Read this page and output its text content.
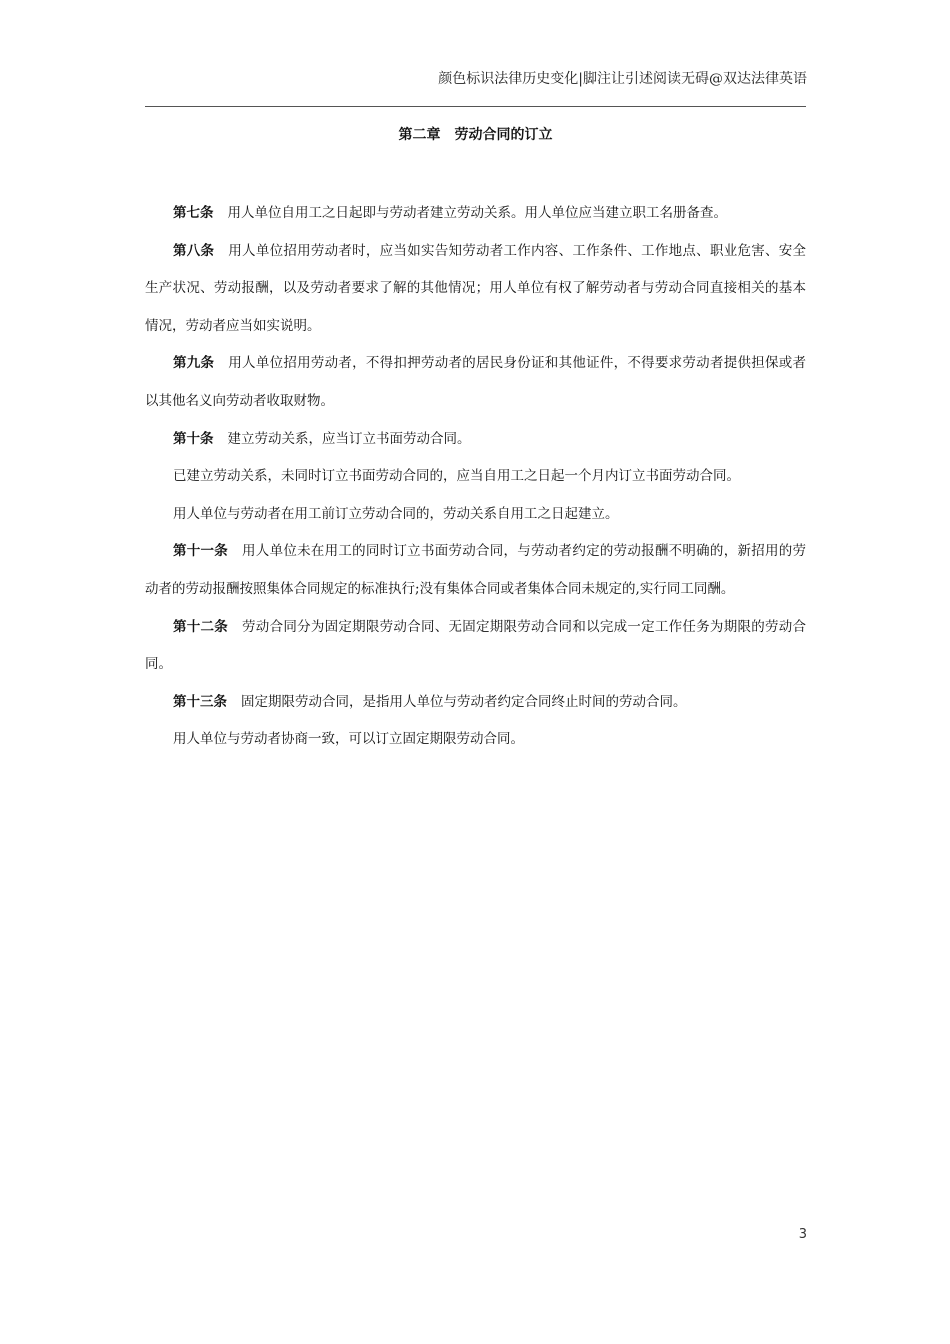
颜色标识法律历史变化|脚注让引述阅读无碍@双达法律英语
第二章　劳动合同的订立

第七条 用人单位自用工之日起即与劳动者建立劳动关系。用人单位应当建立职工名册备查。

第八条 用人单位招用劳动者时，应当如实告知劳动者工作内容、工作条件、工作地点、职业危害、安全生产状况、劳动报酬，以及劳动者要求了解的其他情况；用人单位有权了解劳动者与劳动合同直接相关的基本情况，劳动者应当如实说明。

第九条 用人单位招用劳动者，不得扣押劳动者的居民身份证和其他证件，不得要求劳动者提供担保或者以其他名义向劳动者收取财物。

第十条 建立劳动关系，应当订立书面劳动合同。

已建立劳动关系，未同时订立书面劳动合同的，应当自用工之日起一个月内订立书面劳动合同。

用人单位与劳动者在用工前订立劳动合同的，劳动关系自用工之日起建立。

第十一条 用人单位未在用工的同时订立书面劳动合同，与劳动者约定的劳动报酬不明确的，新招用的劳动者的劳动报酬按照集体合同规定的标准执行;没有集体合同或者集体合同未规定的,实行同工同酬。

第十二条 劳动合同分为固定期限劳动合同、无固定期限劳动合同和以完成一定工作任务为期限的劳动合同。

第十三条 固定期限劳动合同，是指用人单位与劳动者约定合同终止时间的劳动合同。

用人单位与劳动者协商一致，可以订立固定期限劳动合同。

3
